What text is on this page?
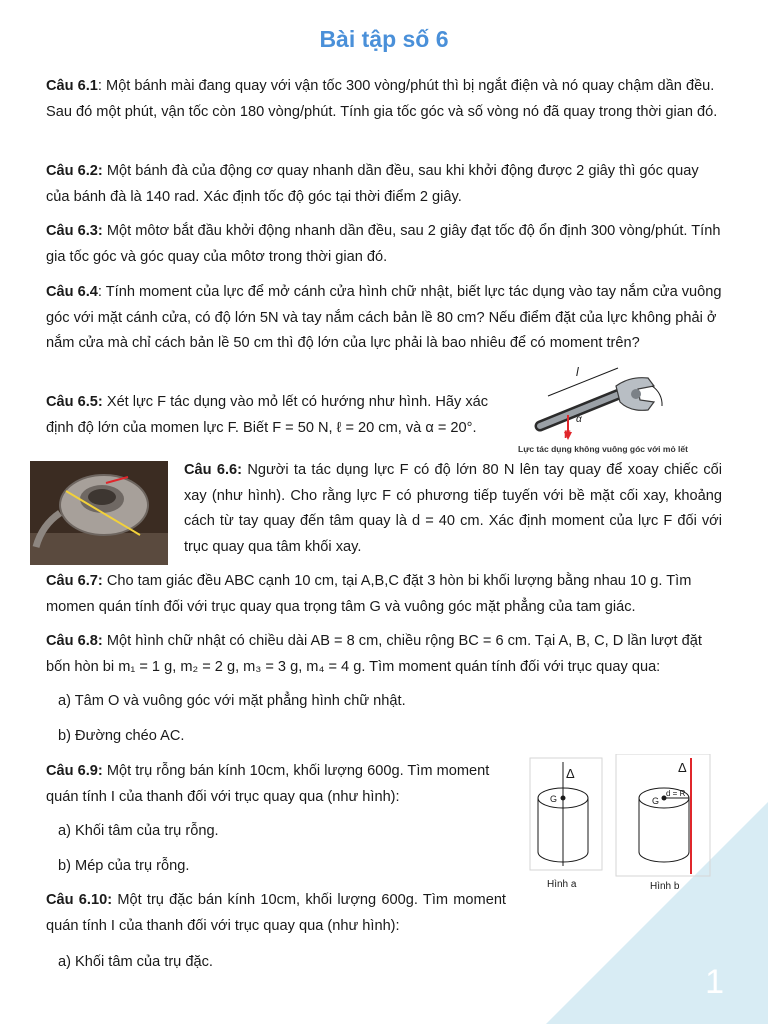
1
Bài tập số 6

Câu 6.1: Một bánh mài đang quay với vận tốc 300 vòng/phút thì bị ngắt điện và nó quay chậm dần đều. Sau đó một phút, vận tốc còn 180 vòng/phút. Tính gia tốc góc và số vòng nó đã quay trong thời gian đó.

Câu 6.2: Một bánh đà của động cơ quay nhanh dần đều, sau khi khởi động được 2 giây thì góc quay của bánh đà là 140 rad. Xác định tốc độ góc tại thời điểm 2 giây.

Câu 6.3: Một môtơ bắt đầu khởi động nhanh dần đều, sau 2 giây đạt tốc độ ổn định 300 vòng/phút. Tính gia tốc góc và góc quay của môtơ trong thời gian đó.

Câu 6.4: Tính moment của lực để mở cánh cửa hình chữ nhật, biết lực tác dụng vào tay nắm cửa vuông góc với mặt cánh cửa, có độ lớn 5N và tay nắm cách bản lề 80 cm? Nếu điểm đặt của lực không phải ở nắm cửa mà chỉ cách bản lề 50 cm thì độ lớn của lực phải là bao nhiêu để có moment trên?

Câu 6.5: Xét lực F tác dụng vào mỏ lết có hướng như hình. Hãy xác định độ lớn của momen lực F. Biết F = 50 N, ℓ = 20 cm, và α = 20°.

l
F
α
Lực tác dụng không vuông góc với mỏ lết

Câu 6.6: Người ta tác dụng lực F có độ lớn 80 N lên tay quay để xoay chiếc cối xay (như hình). Cho rằng lực F có phương tiếp tuyến với bề mặt cối xay, khoảng cách từ tay quay đến tâm quay là d = 40 cm. Xác định moment của lực F đối với trục quay qua tâm khối xay.

Câu 6.7: Cho tam giác đều ABC cạnh 10 cm, tại A,B,C đặt 3 hòn bi khối lượng bằng nhau 10 g. Tìm momen quán tính đối với trục quay qua trọng tâm G và vuông góc mặt phẳng của tam giác.

Câu 6.8: Một hình chữ nhật có chiều dài AB = 8 cm, chiều rộng BC = 6 cm. Tại A, B, C, D lần lượt đặt bốn hòn bi m₁ = 1 g, m₂ = 2 g, m₃ = 3 g, m₄ = 4 g. Tìm moment quán tính đối với trục quay qua:

a) Tâm O và vuông góc với mặt phẳng hình chữ nhật.

b) Đường chéo AC.

Câu 6.9: Một trụ rỗng bán kính 10cm, khối lượng 600g. Tìm moment quán tính I của thanh đối với trục quay qua (như hình):

a) Khối tâm của trụ rỗng.

b) Mép của trụ rỗng.

Δ
G
Hình a
Δ
G
d = R
Hình b

Câu 6.10: Một trụ đặc bán kính 10cm, khối lượng 600g. Tìm moment quán tính I của thanh đối với trục quay qua (như hình):

a) Khối tâm của trụ đặc.
